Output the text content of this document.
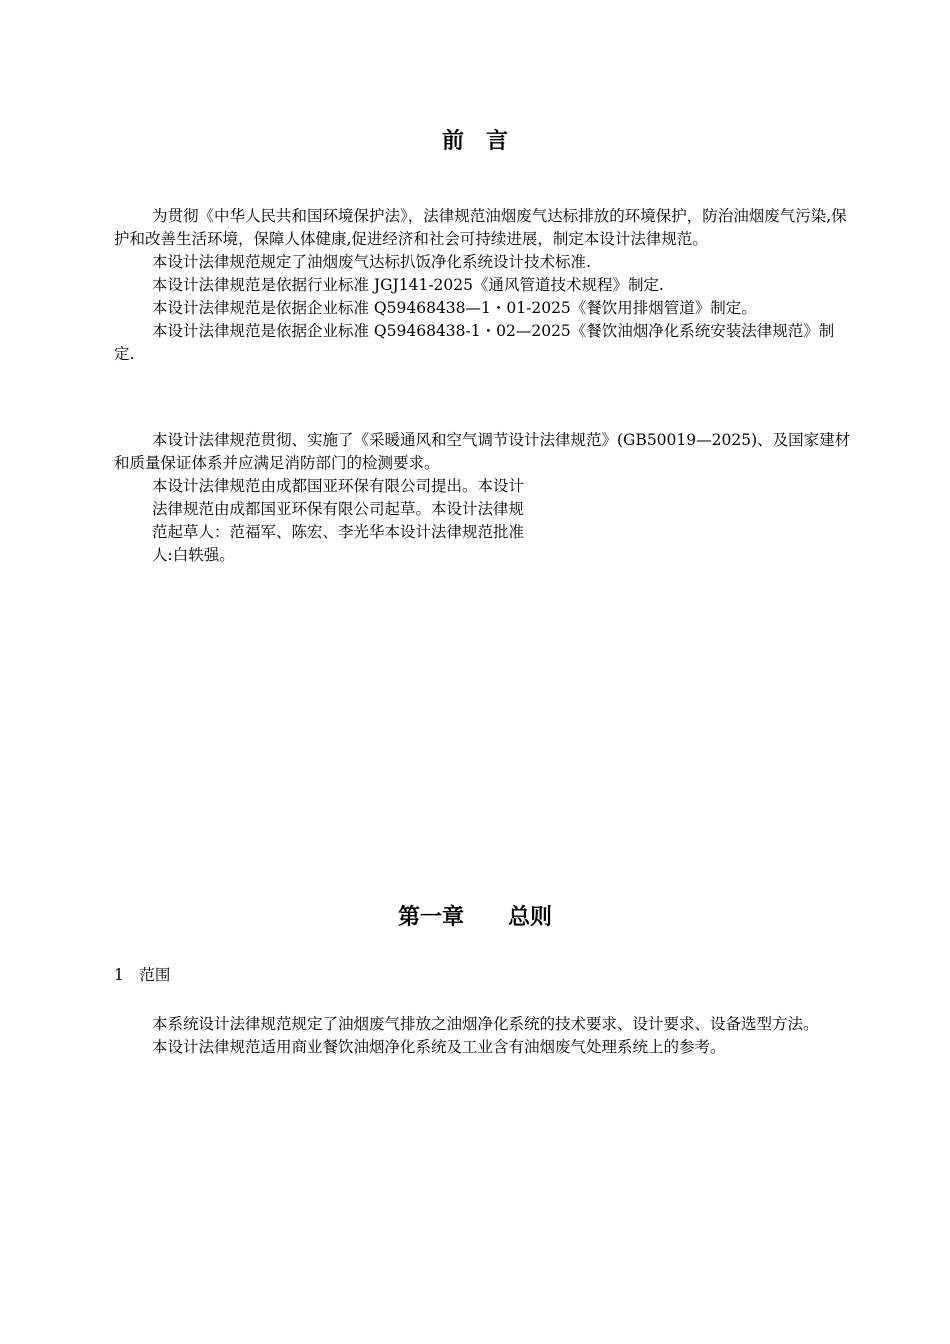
前　言

为贯彻《中华人民共和国环境保护法》，法律规范油烟废气达标排放的环境保护，防治油烟废气污染,保护和改善生活环境，保障人体健康,促进经济和社会可持续进展，制定本设计法律规范。

本设计法律规范规定了油烟废气达标扒饭净化系统设计技术标准.

本设计法律规范是依据行业标准 JGJ141-2025《通风管道技术规程》制定.

本设计法律规范是依据企业标准 Q59468438—1・01-2025《餐饮用排烟管道》制定。

本设计法律规范是依据企业标准 Q59468438-1・02—2025《餐饮油烟净化系统安装法律规范》制定.

本设计法律规范贯彻、实施了《采暖通风和空气调节设计法律规范》(GB50019—2025)、及国家建材和质量保证体系并应满足消防部门的检测要求。

本设计法律规范由成都国亚环保有限公司提出。本设计法律规范由成都国亚环保有限公司起草。本设计法律规范起草人：范福军、陈宏、李光华本设计法律规范批准人:白轶强。

第一章　　总则

1　范围

本系统设计法律规范规定了油烟废气排放之油烟净化系统的技术要求、设计要求、设备选型方法。

本设计法律规范适用商业餐饮油烟净化系统及工业含有油烟废气处理系统上的参考。
